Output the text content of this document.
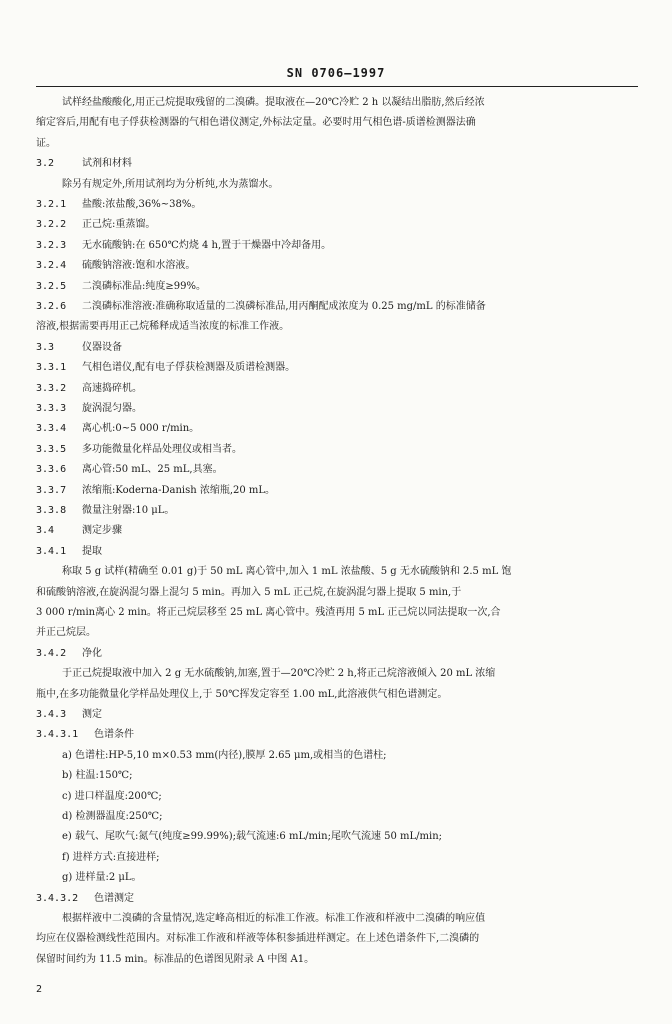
SN 0706—1997
试样经盐酸酸化,用正己烷提取残留的二溴磷。提取液在—20℃冷贮 2 h 以凝结出脂肪,然后经浓
缩定容后,用配有电子俘获检测器的气相色谱仪测定,外标法定量。必要时用气相色谱-质谱检测器法确
证。
3.2	试剂和材料
除另有规定外,所用试剂均为分析纯,水为蒸馏水。
3.2.1 盐酸:浓盐酸,36%~38%。
3.2.2 正己烷:重蒸馏。
3.2.3 无水硫酸钠:在 650℃灼烧 4 h,置于干燥器中冷却备用。
3.2.4 硫酸钠溶液:饱和水溶液。
3.2.5 二溴磷标准品:纯度≥99%。
3.2.6 二溴磷标准溶液:准确称取适量的二溴磷标准品,用丙酮配成浓度为 0.25 mg/mL 的标准储备
溶液,根据需要再用正己烷稀释成适当浓度的标准工作液。
3.3	仪器设备
3.3.1 气相色谱仪,配有电子俘获检测器及质谱检测器。
3.3.2 高速捣碎机。
3.3.3 旋涡混匀器。
3.3.4 离心机:0~5 000 r/min。
3.3.5 多功能微量化样品处理仪或相当者。
3.3.6 离心管:50 mL、25 mL,具塞。
3.3.7 浓缩瓶:Koderna-Danish 浓缩瓶,20 mL。
3.3.8 微量注射器:10 μL。
3.4	测定步骤
3.4.1 提取
称取 5 g 试样(精确至 0.01 g)于 50 mL 离心管中,加入 1 mL 浓盐酸、5 g 无水硫酸钠和 2.5 mL 饱
和硫酸钠溶液,在旋涡混匀器上混匀 5 min。再加入 5 mL 正己烷,在旋涡混匀器上提取 5 min,于
3 000 r/min离心 2 min。将正己烷层移至 25 mL 离心管中。残渣再用 5 mL 正己烷以同法提取一次,合
并正己烷层。
3.4.2 净化
于正己烷提取液中加入 2 g 无水硫酸钠,加塞,置于—20℃冷贮 2 h,将正己烷溶液倾入 20 mL 浓缩
瓶中,在多功能微量化学样品处理仪上,于 50℃挥发定容至 1.00 mL,此溶液供气相色谱测定。
3.4.3 测定
3.4.3.1 色谱条件
a) 色谱柱:HP-5,10 m×0.53 mm(内径),膜厚 2.65 μm,或相当的色谱柱;
b) 柱温:150℃;
c) 进口样温度:200℃;
d) 检测器温度:250℃;
e) 载气、尾吹气:氮气(纯度≥99.99%);载气流速:6 mL/min;尾吹气流速 50 mL/min;
f) 进样方式:直接进样;
g) 进样量:2 μL。
3.4.3.2 色谱测定
根据样液中二溴磷的含量情况,选定峰高相近的标准工作液。标准工作液和样液中二溴磷的响应值
均应在仪器检测线性范围内。对标准工作液和样液等体积参插进样测定。在上述色谱条件下,二溴磷的
保留时间约为 11.5 min。标准品的色谱图见附录 A 中图 A1。
2
